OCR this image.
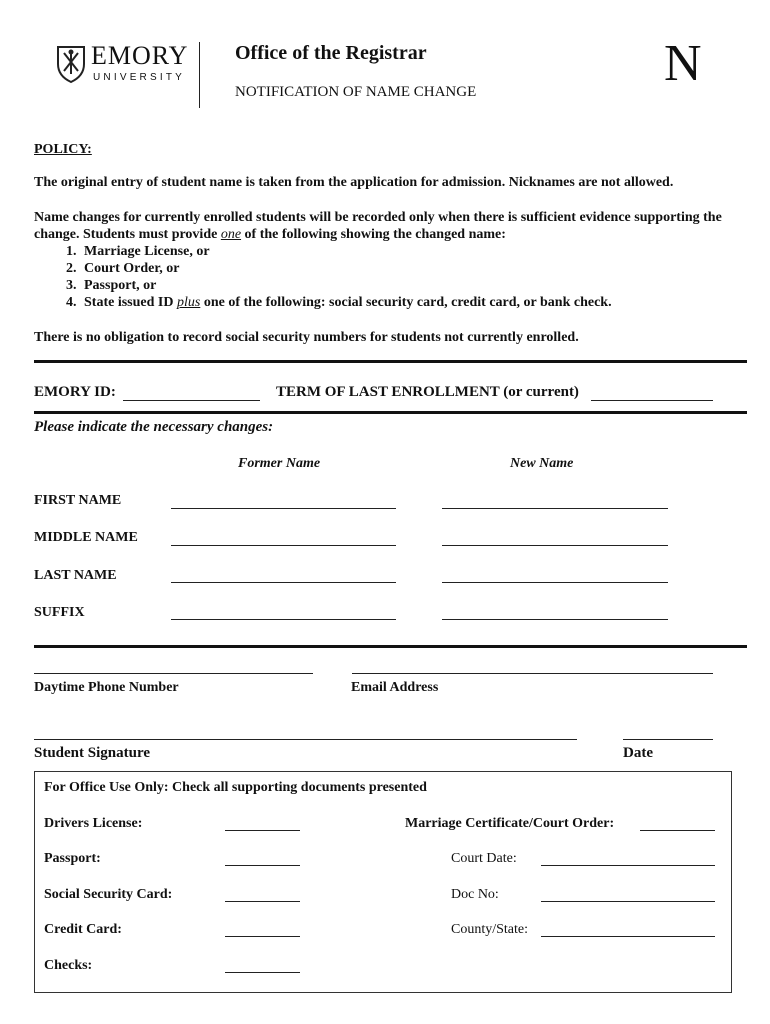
EMORY
UNIVERSITY
Office of the Registrar
NOTIFICATION OF NAME CHANGE	N
POLICY:
The original entry of student name is taken from the application for admission. Nicknames are not allowed.
Name changes for currently enrolled students will be recorded only when there is sufficient evidence supporting the change. Students must provide one of the following showing the changed name:
1. Marriage License, or
2. Court Order, or
3. Passport, or
4. State issued ID plus one of the following: social security card, credit card, or bank check.
There is no obligation to record social security numbers for students not currently enrolled.
EMORY ID:	TERM OF LAST ENROLLMENT (or current)
Please indicate the necessary changes:
Former Name	New Name
FIRST NAME
MIDDLE NAME
LAST NAME
SUFFIX
Daytime Phone Number	Email Address
Student Signature	Date
For Office Use Only: Check all supporting documents presented
Drivers License:	Marriage Certificate/Court Order:
Passport:	Court Date:
Social Security Card:	Doc No:
Credit Card:	County/State:
Checks:
